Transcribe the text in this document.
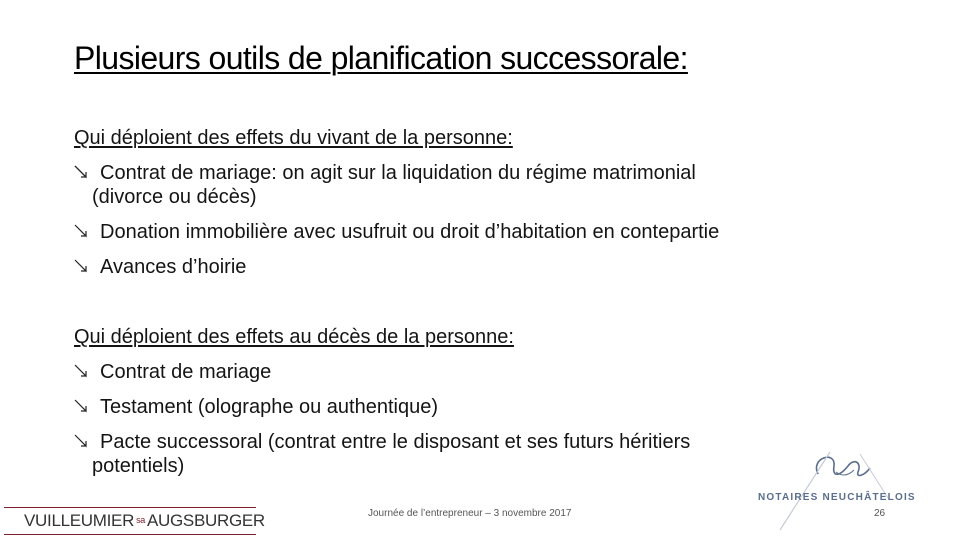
Plusieurs outils de planification successorale:
Qui déploient des effets du vivant de la personne:
Contrat de mariage: on agit sur la liquidation du régime matrimonial
(divorce ou décès)
Donation immobilière avec usufruit ou droit d’habitation en contepartie
Avances d’hoirie
Qui déploient des effets au décès de la personne:
Contrat de mariage
Testament (olographe ou authentique)
Pacte successoral (contrat entre le disposant et ses futurs héritiers
potentiels)
VUILLEUMIER sa AUGSBURGER	Journée de l’entrepreneur – 3 novembre 2017
NOTAIRES NEUCHÂTELOIS
26
